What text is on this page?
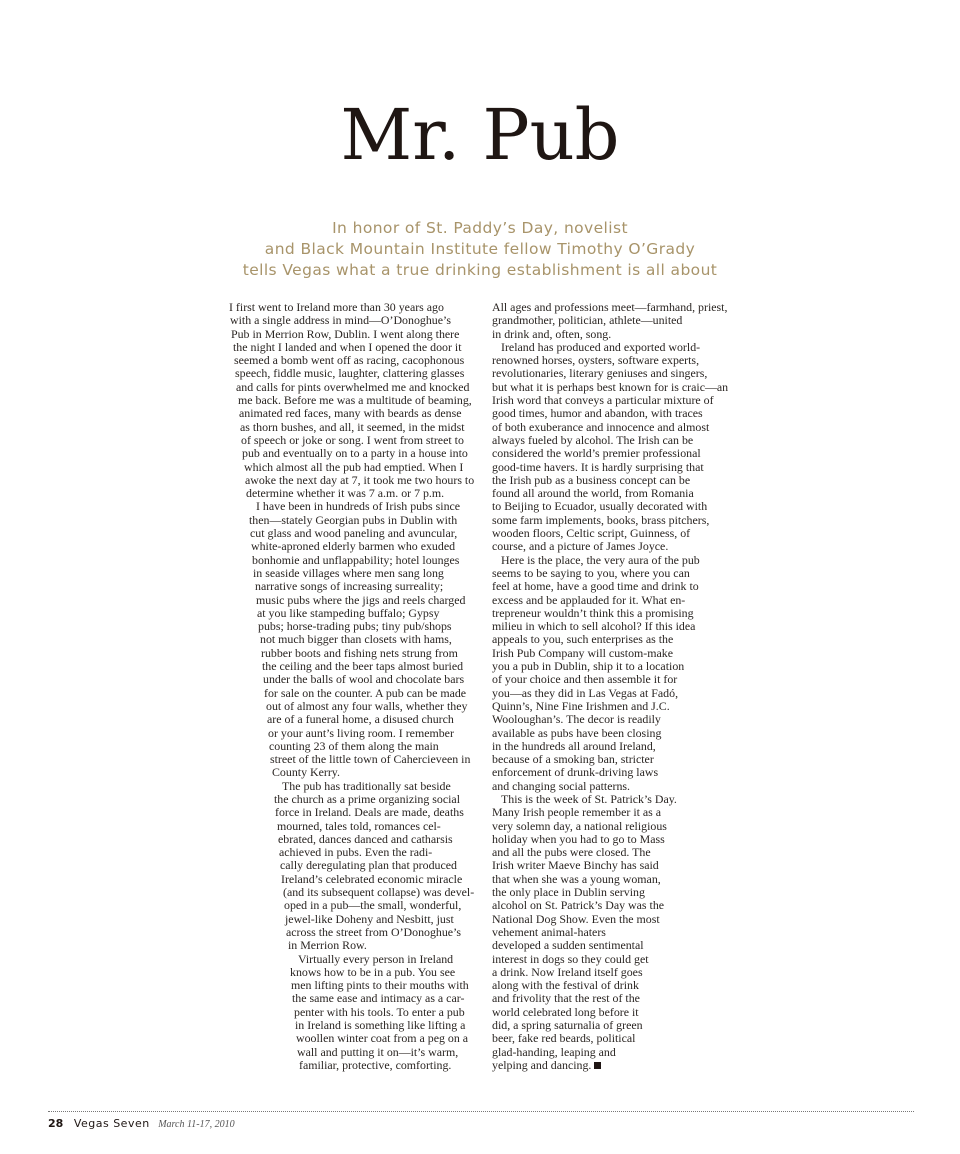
Mr. Pub
In honor of St. Paddy’s Day, novelist
and Black Mountain Institute fellow Timothy O’Grady
tells Vegas what a true drinking establishment is all about
I first went to Ireland more than 30 years ago
with a single address in mind—O’Donoghue’s
Pub in Merrion Row, Dublin. I went along there
the night I landed and when I opened the door it
seemed a bomb went off as racing, cacophonous
speech, fiddle music, laughter, clattering glasses
and calls for pints overwhelmed me and knocked
me back. Before me was a multitude of beaming,
animated red faces, many with beards as dense
as thorn bushes, and all, it seemed, in the midst
of speech or joke or song. I went from street to
pub and eventually on to a party in a house into
which almost all the pub had emptied. When I
awoke the next day at 7, it took me two hours to
determine whether it was 7 a.m. or 7 p.m.
I have been in hundreds of Irish pubs since
then—stately Georgian pubs in Dublin with
cut glass and wood paneling and avuncular,
white-aproned elderly barmen who exuded
bonhomie and unflappability; hotel lounges
in seaside villages where men sang long
narrative songs of increasing surreality;
music pubs where the jigs and reels charged
at you like stampeding buffalo; Gypsy
pubs; horse-trading pubs; tiny pub/shops
not much bigger than closets with hams,
rubber boots and fishing nets strung from
the ceiling and the beer taps almost buried
under the balls of wool and chocolate bars
for sale on the counter. A pub can be made
out of almost any four walls, whether they
are of a funeral home, a disused church
or your aunt’s living room. I remember
counting 23 of them along the main
street of the little town of Cahercieveen in
County Kerry.
The pub has traditionally sat beside
the church as a prime organizing social
force in Ireland. Deals are made, deaths
mourned, tales told, romances cel-
ebrated, dances danced and catharsis
achieved in pubs. Even the radi-
cally deregulating plan that produced
Ireland’s celebrated economic miracle
(and its subsequent collapse) was devel-
oped in a pub—the small, wonderful,
jewel-like Doheny and Nesbitt, just
across the street from O’Donoghue’s
in Merrion Row.
Virtually every person in Ireland
knows how to be in a pub. You see
men lifting pints to their mouths with
the same ease and intimacy as a car-
penter with his tools. To enter a pub
in Ireland is something like lifting a
woollen winter coat from a peg on a
wall and putting it on—it’s warm,
familiar, protective, comforting.
All ages and professions meet—farmhand, priest,
grandmother, politician, athlete—united
in drink and, often, song.
Ireland has produced and exported world-
renowned horses, oysters, software experts,
revolutionaries, literary geniuses and singers,
but what it is perhaps best known for is craic—an
Irish word that conveys a particular mixture of
good times, humor and abandon, with traces
of both exuberance and innocence and almost
always fueled by alcohol. The Irish can be
considered the world’s premier professional
good-time havers. It is hardly surprising that
the Irish pub as a business concept can be
found all around the world, from Romania
to Beijing to Ecuador, usually decorated with
some farm implements, books, brass pitchers,
wooden floors, Celtic script, Guinness, of
course, and a picture of James Joyce.
Here is the place, the very aura of the pub
seems to be saying to you, where you can
feel at home, have a good time and drink to
excess and be applauded for it. What en-
trepreneur wouldn’t think this a promising
milieu in which to sell alcohol? If this idea
appeals to you, such enterprises as the
Irish Pub Company will custom-make
you a pub in Dublin, ship it to a location
of your choice and then assemble it for
you—as they did in Las Vegas at Fadó,
Quinn’s, Nine Fine Irishmen and J.C.
Wooloughan’s. The decor is readily
available as pubs have been closing
in the hundreds all around Ireland,
because of a smoking ban, stricter
enforcement of drunk-driving laws
and changing social patterns.
This is the week of St. Patrick’s Day.
Many Irish people remember it as a
very solemn day, a national religious
holiday when you had to go to Mass
and all the pubs were closed. The
Irish writer Maeve Binchy has said
that when she was a young woman,
the only place in Dublin serving
alcohol on St. Patrick’s Day was the
National Dog Show. Even the most
vehement animal-haters
developed a sudden sentimental
interest in dogs so they could get
a drink. Now Ireland itself goes
along with the festival of drink
and frivolity that the rest of the
world celebrated long before it
did, a spring saturnalia of green
beer, fake red beards, political
glad-handing, leaping and
yelping and dancing.
28 Vegas Seven March 11-17, 2010
